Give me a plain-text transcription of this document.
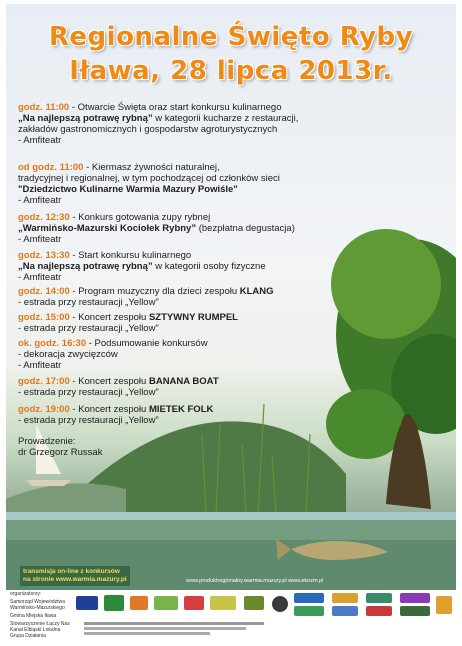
Regionalne Święto Ryby
Iława, 28 lipca 2013r.
godz. 11:00 - Otwarcie Święta oraz start konkursu kulinarnego
„Na najlepszą potrawę rybną” w kategorii kucharze z restauracji,
zakładów gastronomicznych i gospodarstw agroturystycznych
- Amfiteatr
od godz. 11:00 - Kiermasz żywności naturalnej,
tradycyjnej i regionalnej, w tym pochodzącej od członków sieci
"Dziedzictwo Kulinarne Warmia Mazury Powiśle"
- Amfiteatr
godz. 12:30 - Konkurs gotowania zupy rybnej
„Warmińsko-Mazurski Kociołek Rybny” (bezpłatna degustacja)
- Amfiteatr
godz. 13:30 - Start konkursu kulinarnego
„Na najlepszą potrawę rybną” w kategorii osoby fizyczne
- Amfiteatr
godz. 14:00 - Program muzyczny dla dzieci zespołu KLANG
- estrada przy restauracji „Yellow”
godz. 15:00 - Koncert zespołu SZTYWNY RUMPEL
- estrada przy restauracji „Yellow”
ok. godz. 16:30 - Podsumowanie konkursów
- dekoracja zwycięzców
- Amfiteatr
godz. 17:00 - Koncert zespołu BANANA BOAT
- estrada przy restauracji „Yellow”
godz. 19:00 - Koncert zespołu MIETEK FOLK
- estrada przy restauracji „Yellow”
Prowadzenie:
dr Grzegorz Russak
transmisja on-line z konkursów
na stronie www.warmia.mazury.pl	www.produktregionalny.warmia.mazury.pl www.ekozm.pl
organizatorzy:
Samorząd Województwa Warmińsko-Mazurskiego
Gmina Miejska Iława
Stowarzyszenie Łączy Nas Kanał Elbląski Lokalna Grupa Działania
